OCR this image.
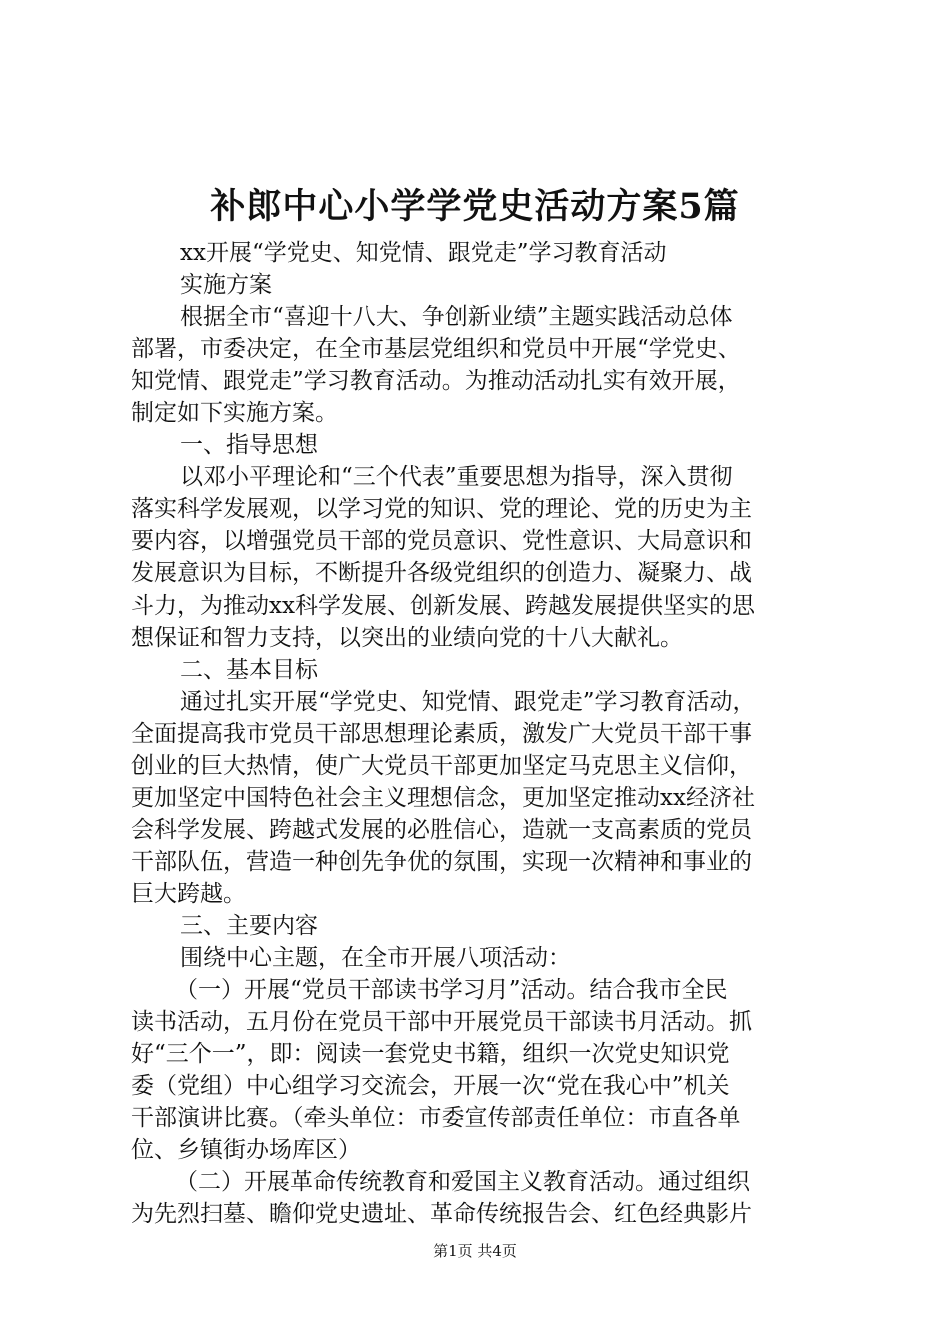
补郎中心小学学党史活动方案5篇

xx开展“学党史、知党情、跟党走”学习教育活动

实施方案

根据全市“喜迎十八大、争创新业绩”主题实践活动总体

部署，市委决定，在全市基层党组织和党员中开展“学党史、

知党情、跟党走”学习教育活动。为推动活动扎实有效开展，

制定如下实施方案。

一、指导思想

以邓小平理论和“三个代表”重要思想为指导，深入贯彻

落实科学发展观，以学习党的知识、党的理论、党的历史为主

要内容，以增强党员干部的党员意识、党性意识、大局意识和

发展意识为目标，不断提升各级党组织的创造力、凝聚力、战

斗力，为推动xx科学发展、创新发展、跨越发展提供坚实的思

想保证和智力支持，以突出的业绩向党的十八大献礼。

二、基本目标

通过扎实开展“学党史、知党情、跟党走”学习教育活动，

全面提高我市党员干部思想理论素质，激发广大党员干部干事

创业的巨大热情，使广大党员干部更加坚定马克思主义信仰，

更加坚定中国特色社会主义理想信念，更加坚定推动xx经济社

会科学发展、跨越式发展的必胜信心，造就一支高素质的党员

干部队伍，营造一种创先争优的氛围，实现一次精神和事业的

巨大跨越。

三、主要内容

围绕中心主题，在全市开展八项活动：

（一）开展“党员干部读书学习月”活动。结合我市全民

读书活动，五月份在党员干部中开展党员干部读书月活动。抓

好“三个一”，即：阅读一套党史书籍，组织一次党史知识党

委（党组）中心组学习交流会，开展一次“党在我心中”机关

干部演讲比赛。（牵头单位：市委宣传部责任单位：市直各单

位、乡镇街办场库区）

（二）开展革命传统教育和爱国主义教育活动。通过组织

为先烈扫墓、瞻仰党史遗址、革命传统报告会、红色经典影片

第1页 共4页
